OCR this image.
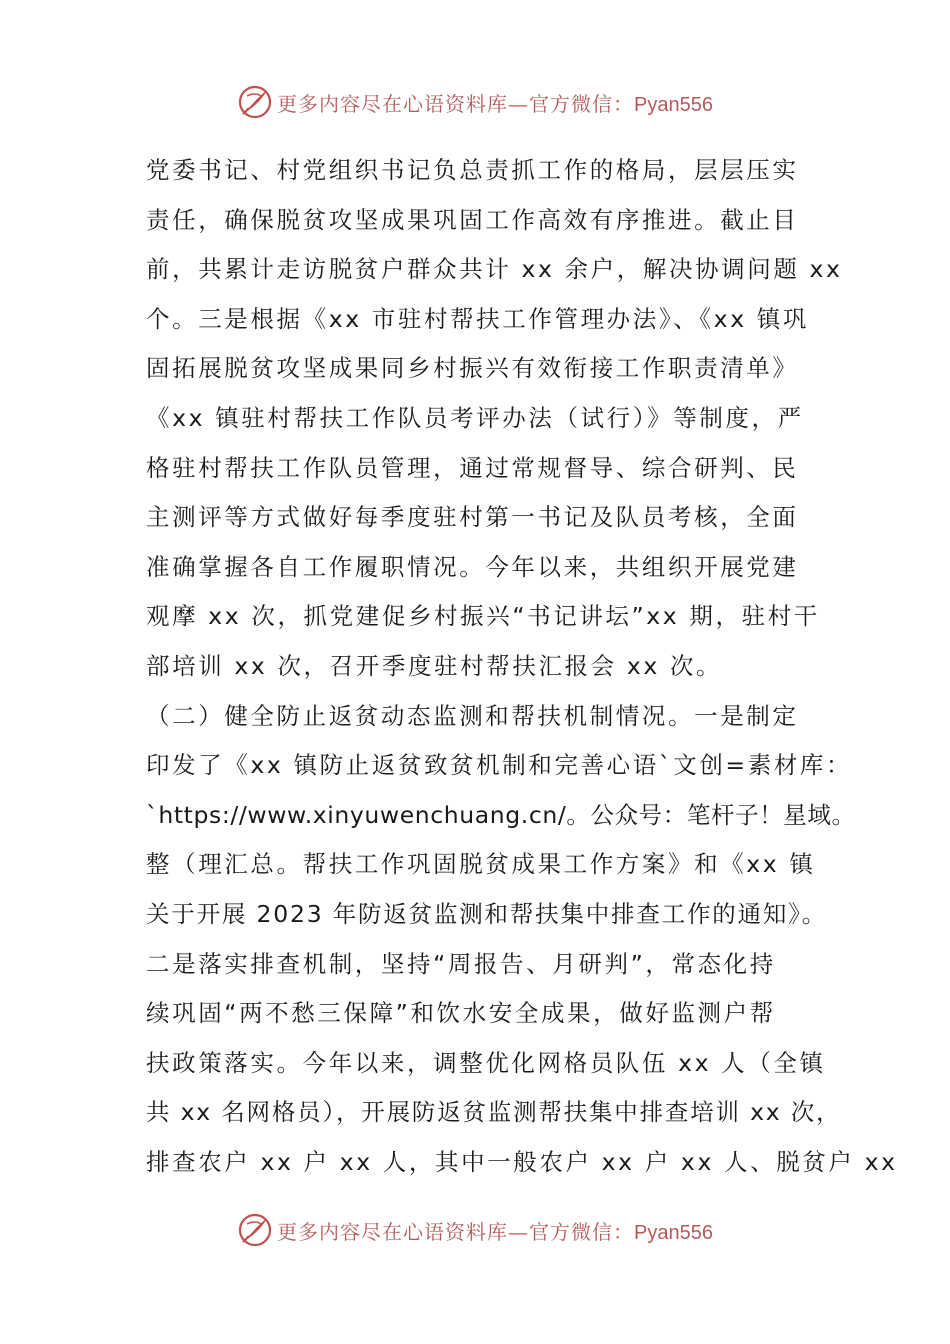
更多内容尽在心语资料库—官方微信：Pyan556
党委书记、村党组织书记负总责抓工作的格局，层层压实
责任，确保脱贫攻坚成果巩固工作高效有序推进。截止目
前，共累计走访脱贫户群众共计 xx 余户，解决协调问题 xx
个。三是根据《xx 市驻村帮扶工作管理办法》、《xx 镇巩
固拓展脱贫攻坚成果同乡村振兴有效衔接工作职责清单》
《xx 镇驻村帮扶工作队员考评办法（试行）》等制度，严
格驻村帮扶工作队员管理，通过常规督导、综合研判、民
主测评等方式做好每季度驻村第一书记及队员考核，全面
准确掌握各自工作履职情况。今年以来，共组织开展党建
观摩 xx 次，抓党建促乡村振兴“书记讲坛”xx 期，驻村干
部培训 xx 次，召开季度驻村帮扶汇报会 xx 次。
（二）健全防止返贫动态监测和帮扶机制情况。一是制定
印发了《xx 镇防止返贫致贫机制和完善心语`文创=素材库：
`https://www.xinyuwenchuang.cn/。公众号：笔杆子！星域。
整（理汇总。帮扶工作巩固脱贫成果工作方案》和《xx 镇
关于开展 2023 年防返贫监测和帮扶集中排查工作的通知》。
二是落实排查机制，坚持“周报告、月研判”，常态化持
续巩固“两不愁三保障”和饮水安全成果，做好监测户帮
扶政策落实。今年以来，调整优化网格员队伍 xx 人（全镇
共 xx 名网格员），开展防返贫监测帮扶集中排查培训 xx 次，
排查农户 xx 户 xx 人，其中一般农户 xx 户 xx 人、脱贫户 xx
更多内容尽在心语资料库—官方微信：Pyan556
